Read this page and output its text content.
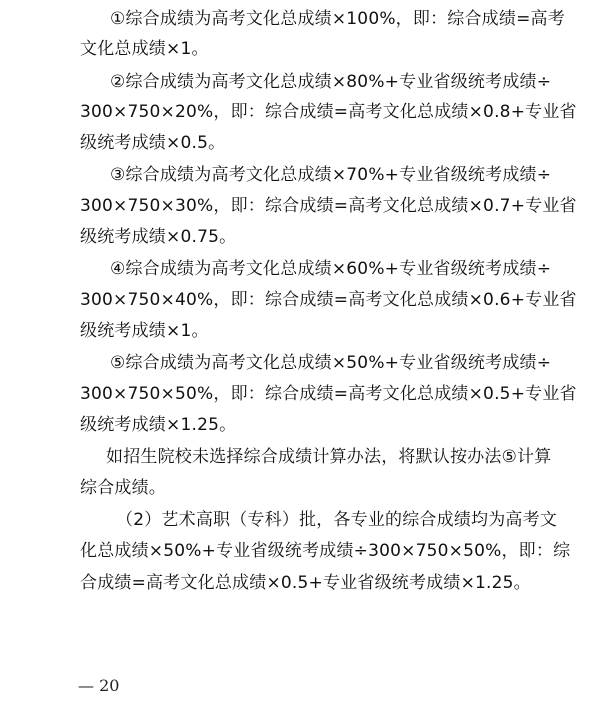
①综合成绩为高考文化总成绩×100%，即：综合成绩=高考
文化总成绩×1。
②综合成绩为高考文化总成绩×80%+专业省级统考成绩÷
300×750×20%，即：综合成绩=高考文化总成绩×0.8+专业省
级统考成绩×0.5。
③综合成绩为高考文化总成绩×70%+专业省级统考成绩÷
300×750×30%，即：综合成绩=高考文化总成绩×0.7+专业省
级统考成绩×0.75。
④综合成绩为高考文化总成绩×60%+专业省级统考成绩÷
300×750×40%，即：综合成绩=高考文化总成绩×0.6+专业省
级统考成绩×1。
⑤综合成绩为高考文化总成绩×50%+专业省级统考成绩÷
300×750×50%，即：综合成绩=高考文化总成绩×0.5+专业省
级统考成绩×1.25。
如招生院校未选择综合成绩计算办法，将默认按办法⑤计算
综合成绩。
（2）艺术高职（专科）批，各专业的综合成绩均为高考文
化总成绩×50%+专业省级统考成绩÷300×750×50%，即：综
合成绩=高考文化总成绩×0.5+专业省级统考成绩×1.25。
— 20
